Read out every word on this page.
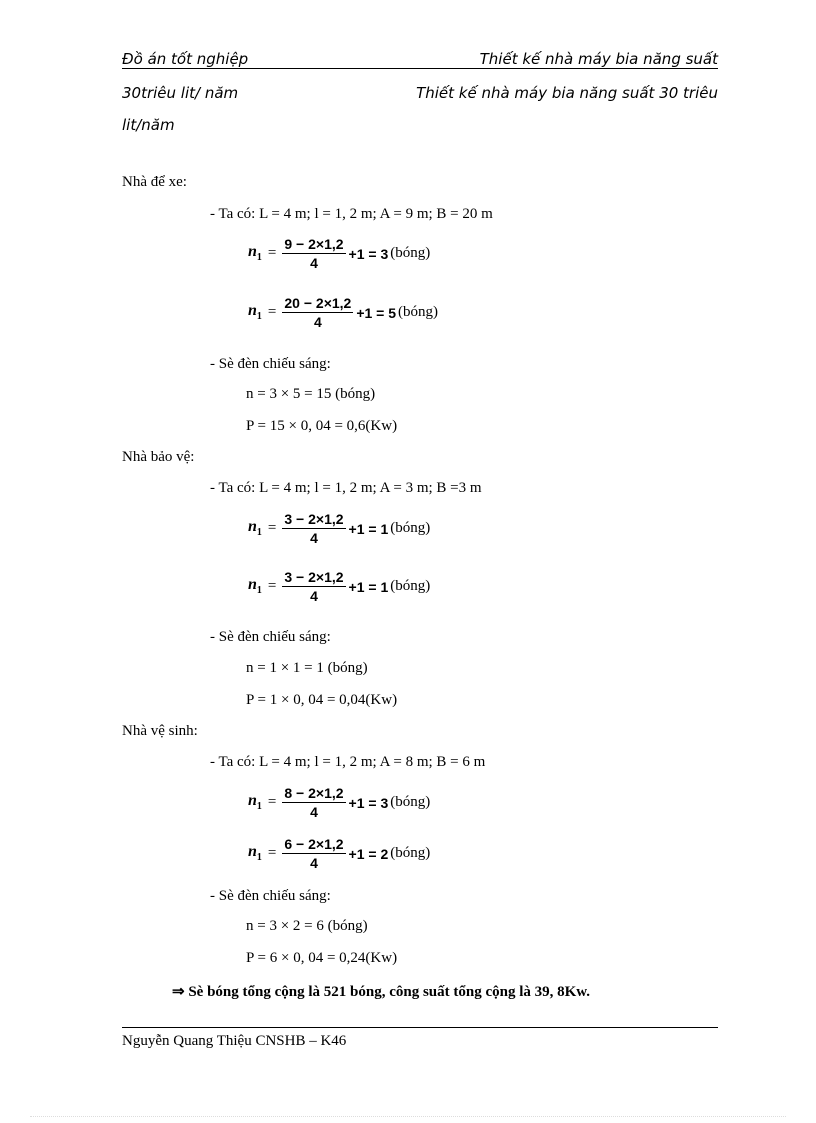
Đồ án tốt nghiệp	Thiết kế nhà máy bia năng suất
30triêu lit/ năm	Thiết kế nhà máy bia năng suất 30 triêu
lit/năm
Nhà để xe:
- Ta có: L = 4 m; l = 1, 2 m; A = 9 m; B = 20 m
$n_1 = \frac{9 - 2\times 1,2}{4} +1 = 3$ (bóng)
$n_1 = \frac{20 - 2\times 1,2}{4} +1 = 5$ (bóng)
- Sè đèn chiếu sáng:
n = 3 × 5 = 15 (bóng)
P = 15 × 0, 04 = 0,6(Kw)
Nhà bảo vệ:
- Ta có: L = 4 m; l = 1, 2 m; A = 3 m; B =3 m
$n_1 = \frac{3 - 2\times 1,2}{4} +1 = 1$ (bóng)
$n_1 = \frac{3 - 2\times 1,2}{4} +1 = 1$ (bóng)
- Sè đèn chiếu sáng:
n = 1 × 1 = 1 (bóng)
P = 1 × 0, 04 = 0,04(Kw)
Nhà vệ sinh:
- Ta có: L = 4 m; l = 1, 2 m; A = 8 m; B = 6 m
$n_1 = \frac{8 - 2\times 1,2}{4} +1 = 3$ (bóng)
$n_1 = \frac{6 - 2\times 1,2}{4} +1 = 2$ (bóng)
- Sè đèn chiếu sáng:
n = 3 × 2 = 6 (bóng)
P = 6 × 0, 04 = 0,24(Kw)
⇒ Sè bóng tổng cộng là 521 bóng, công suất tổng cộng là 39, 8Kw.
Nguyễn Quang Thiệu CNSHB – K46
